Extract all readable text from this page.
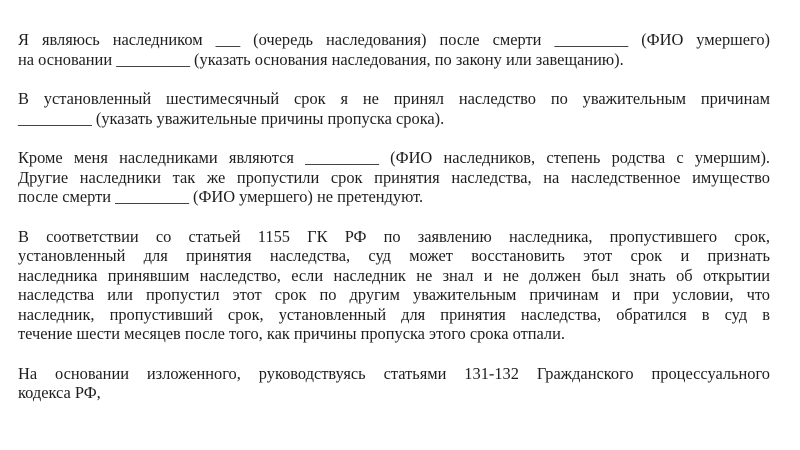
Я являюсь наследником ___ (очередь наследования) после смерти _________ (ФИО умершего)
на основании _________ (указать основания наследования, по закону или завещанию).
В установленный шестимесячный срок я не принял наследство по уважительным причинам
_________ (указать уважительные причины пропуска срока).
Кроме меня наследниками являются _________ (ФИО наследников, степень родства с умершим).
Другие наследники так же пропустили срок принятия наследства, на наследственное имущество
после смерти _________ (ФИО умершего) не претендуют.
В соответствии со статьей 1155 ГК РФ по заявлению наследника, пропустившего срок,
установленный для принятия наследства, суд может восстановить этот срок и признать
наследника принявшим наследство, если наследник не знал и не должен был знать об открытии
наследства или пропустил этот срок по другим уважительным причинам и при условии, что
наследник, пропустивший срок, установленный для принятия наследства, обратился в суд в
течение шести месяцев после того, как причины пропуска этого срока отпали.
На основании изложенного, руководствуясь статьями 131-132 Гражданского процессуального
кодекса РФ,
